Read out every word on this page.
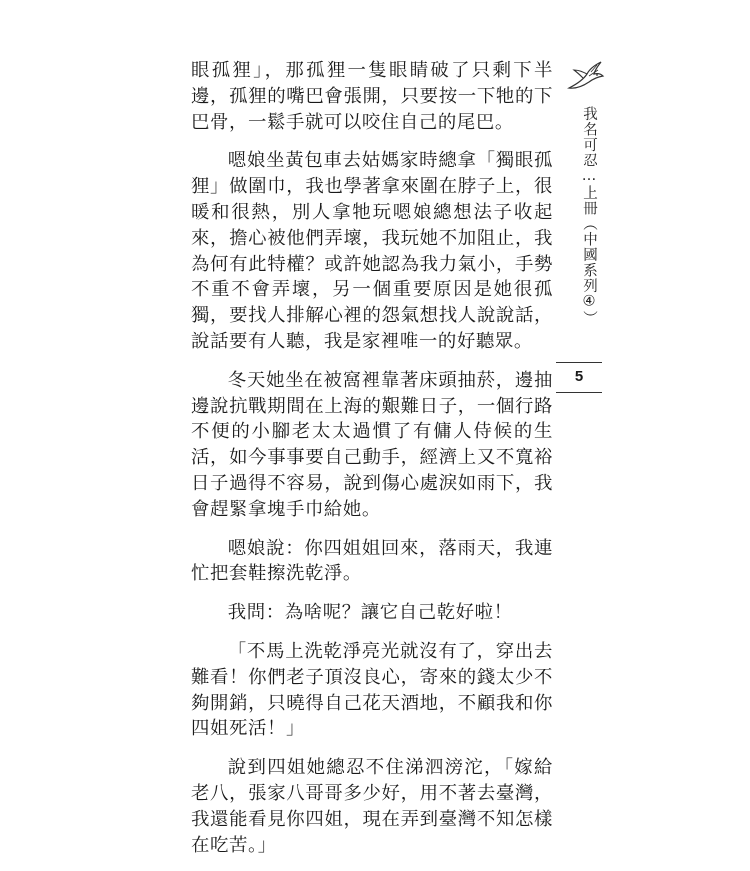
眼孤狸」，那孤狸一隻眼睛破了只剩下半邊，孤狸的嘴巴會張開，只要按一下牠的下巴骨，一鬆手就可以咬住自己的尾巴。

嗯娘坐黃包車去姑媽家時總拿「獨眼孤狸」做圍巾，我也學著拿來圍在脖子上，很暖和很熱，別人拿牠玩嗯娘總想法子收起來，擔心被他們弄壞，我玩她不加阻止，我為何有此特權？或許她認為我力氣小，手勢不重不會弄壞，另一個重要原因是她很孤獨，要找人排解心裡的怨氣想找人說說話，說話要有人聽，我是家裡唯一的好聽眾。

冬天她坐在被窩裡靠著床頭抽菸，邊抽邊說抗戰期間在上海的艱難日子，一個行路不便的小腳老太太過慣了有傭人侍候的生活，如今事事要自己動手，經濟上又不寬裕日子過得不容易，說到傷心處淚如雨下，我會趕緊拿塊手巾給她。

嗯娘說：你四姐姐回來，落雨天，我連忙把套鞋擦洗乾淨。

我問：為啥呢？讓它自己乾好啦！

「不馬上洗乾淨亮光就沒有了，穿出去難看！你們老子頂沒良心，寄來的錢太少不夠開銷，只曉得自己花天酒地，不顧我和你四姐死活！」

說到四姐她總忍不住涕泗滂沱，「嫁給老八，張家八哥哥多少好，用不著去臺灣，我還能看見你四姐，現在弄到臺灣不知怎樣在吃苦。」

我名可忍…上冊（中國系列④）
5
